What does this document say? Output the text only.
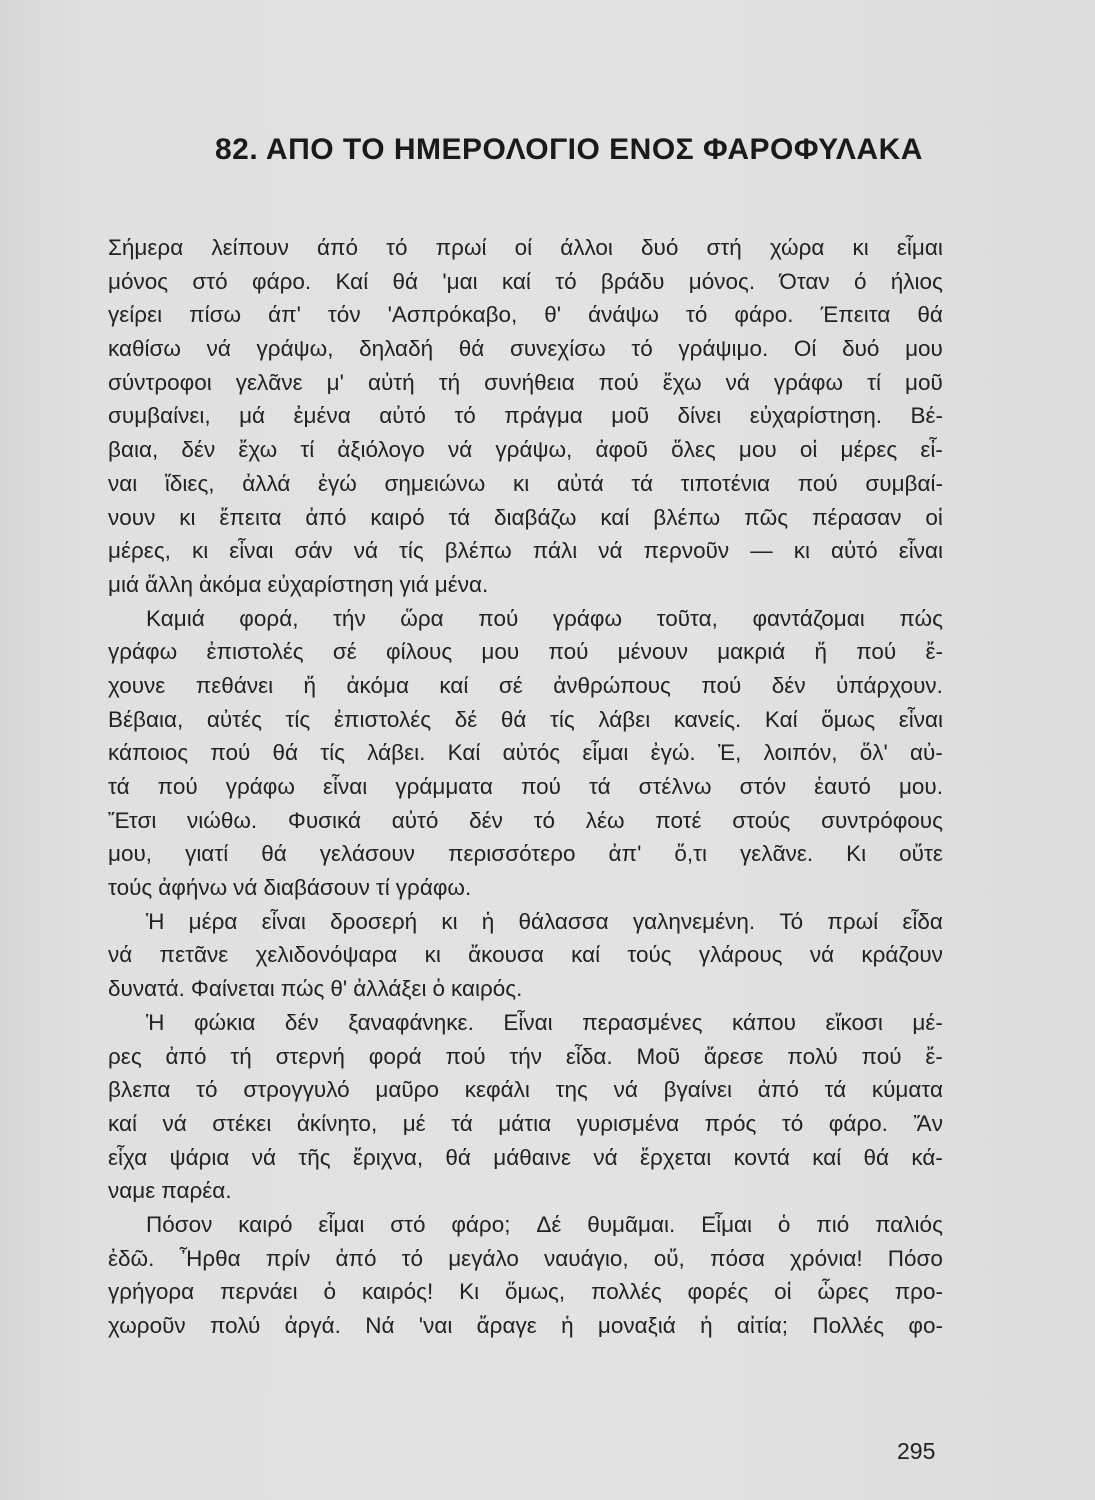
82. ΑΠΟ ΤΟ ΗΜΕΡΟΛΟΓΙΟ ΕΝΟΣ ΦΑΡΟΦΥΛΑΚΑ
Σήμερα λείπουν άπό τό πρωί οί άλλοι δυό στή χώρα κι εἶμαι
μόνος στό φάρο. Καί θά 'μαι καί τό βράδυ μόνος. Όταν ό ήλιος
γείρει πίσω άπ' τόν 'Ασπρόκαβο, θ' άνάψω τό φάρο. Έπειτα θά
καθίσω νά γράψω, δηλαδή θά συνεχίσω τό γράψιμο. Οί δυό μου
σύντροφοι γελᾶνε μ' αὐτή τή συνήθεια πού ἔχω νά γράφω τί μοῦ
συμβαίνει, μά ἐμένα αὐτό τό πράγμα μοῦ δίνει εὐχαρίστηση. Βέ-
βαια, δέν ἔχω τί ἀξιόλογο νά γράψω, ἀφοῦ ὅλες μου οἱ μέρες εἶ-
ναι ἴδιες, ἀλλά ἐγώ σημειώνω κι αὐτά τά τιποτένια πού συμβαί-
νουν κι ἔπειτα ἀπό καιρό τά διαβάζω καί βλέπω πῶς πέρασαν οἱ
μέρες, κι εἶναι σάν νά τίς βλέπω πάλι νά περνοῦν — κι αὐτό εἶναι
μιά ἄλλη ἀκόμα εὐχαρίστηση γιά μένα.
Καμιά φορά, τήν ὥρα πού γράφω τοῦτα, φαντάζομαι πώς
γράφω ἐπιστολές σέ φίλους μου πού μένουν μακριά ἤ πού ἔ-
χουνε πεθάνει ἤ ἀκόμα καί σέ ἀνθρώπους πού δέν ὑπάρχουν.
Βέβαια, αὐτές τίς ἐπιστολές δέ θά τίς λάβει κανείς. Καί ὅμως εἶναι
κάποιος πού θά τίς λάβει. Καί αὐτός εἶμαι ἐγώ. Ἐ, λοιπόν, ὅλ' αὐ-
τά πού γράφω εἶναι γράμματα πού τά στέλνω στόν ἑαυτό μου.
Ἔτσι νιώθω. Φυσικά αὐτό δέν τό λέω ποτέ στούς συντρόφους
μου, γιατί θά γελάσουν περισσότερο ἀπ' ὅ,τι γελᾶνε. Κι οὔτε
τούς ἀφήνω νά διαβάσουν τί γράφω.
Ἡ μέρα εἶναι δροσερή κι ἡ θάλασσα γαληνεμένη. Τό πρωί εἶδα
νά πετᾶνε χελιδονόψαρα κι ἄκουσα καί τούς γλάρους νά κράζουν
δυνατά. Φαίνεται πώς θ' ἀλλάξει ὁ καιρός.
Ἡ φώκια δέν ξαναφάνηκε. Εἶναι περασμένες κάπου εἴκοσι μέ-
ρες ἀπό τή στερνή φορά πού τήν εἶδα. Μοῦ ἄρεσε πολύ πού ἔ-
βλεπα τό στρογγυλό μαῦρο κεφάλι της νά βγαίνει ἀπό τά κύματα
καί νά στέκει ἀκίνητο, μέ τά μάτια γυρισμένα πρός τό φάρο. Ἄν
εἶχα ψάρια νά τῆς ἔριχνα, θά μάθαινε νά ἔρχεται κοντά καί θά κά-
ναμε παρέα.
Πόσον καιρό εἶμαι στό φάρο; Δέ θυμᾶμαι. Εἶμαι ὁ πιό παλιός
ἐδῶ. Ἦρθα πρίν ἀπό τό μεγάλο ναυάγιο, οὔ, πόσα χρόνια! Πόσο
γρήγορα περνάει ὁ καιρός! Κι ὅμως, πολλές φορές οἱ ὧρες προ-
χωροῦν πολύ ἀργά. Νά 'ναι ἄραγε ἡ μοναξιά ἡ αἰτία; Πολλές φο-
295
